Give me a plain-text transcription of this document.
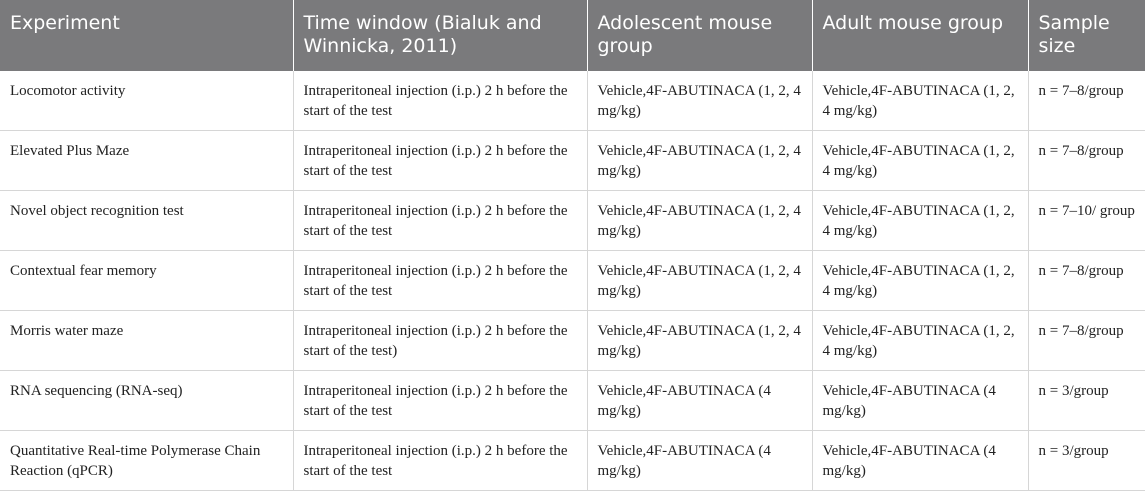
Experiment	Time window (Bialuk and Winnicka, 2011)	Adolescent mouse group	Adult mouse group	Sample size
Locomotor activity	Intraperitoneal injection (i.p.) 2 h before the start of the test	Vehicle,4F-ABUTINACA (1, 2, 4 mg/kg)	Vehicle,4F-ABUTINACA (1, 2, 4 mg/kg)	n = 7–8/group
Elevated Plus Maze	Intraperitoneal injection (i.p.) 2 h before the start of the test	Vehicle,4F-ABUTINACA (1, 2, 4 mg/kg)	Vehicle,4F-ABUTINACA (1, 2, 4 mg/kg)	n = 7–8/group
Novel object recognition test	Intraperitoneal injection (i.p.) 2 h before the start of the test	Vehicle,4F-ABUTINACA (1, 2, 4 mg/kg)	Vehicle,4F-ABUTINACA (1, 2, 4 mg/kg)	n = 7–10/ group
Contextual fear memory	Intraperitoneal injection (i.p.) 2 h before the start of the test	Vehicle,4F-ABUTINACA (1, 2, 4 mg/kg)	Vehicle,4F-ABUTINACA (1, 2, 4 mg/kg)	n = 7–8/group
Morris water maze	Intraperitoneal injection (i.p.) 2 h before the start of the test)	Vehicle,4F-ABUTINACA (1, 2, 4 mg/kg)	Vehicle,4F-ABUTINACA (1, 2, 4 mg/kg)	n = 7–8/group
RNA sequencing (RNA-seq)	Intraperitoneal injection (i.p.) 2 h before the start of the test	Vehicle,4F-ABUTINACA (4 mg/kg)	Vehicle,4F-ABUTINACA (4 mg/kg)	n = 3/group
Quantitative Real-time Polymerase Chain Reaction (qPCR)	Intraperitoneal injection (i.p.) 2 h before the start of the test	Vehicle,4F-ABUTINACA (4 mg/kg)	Vehicle,4F-ABUTINACA (4 mg/kg)	n = 3/group
